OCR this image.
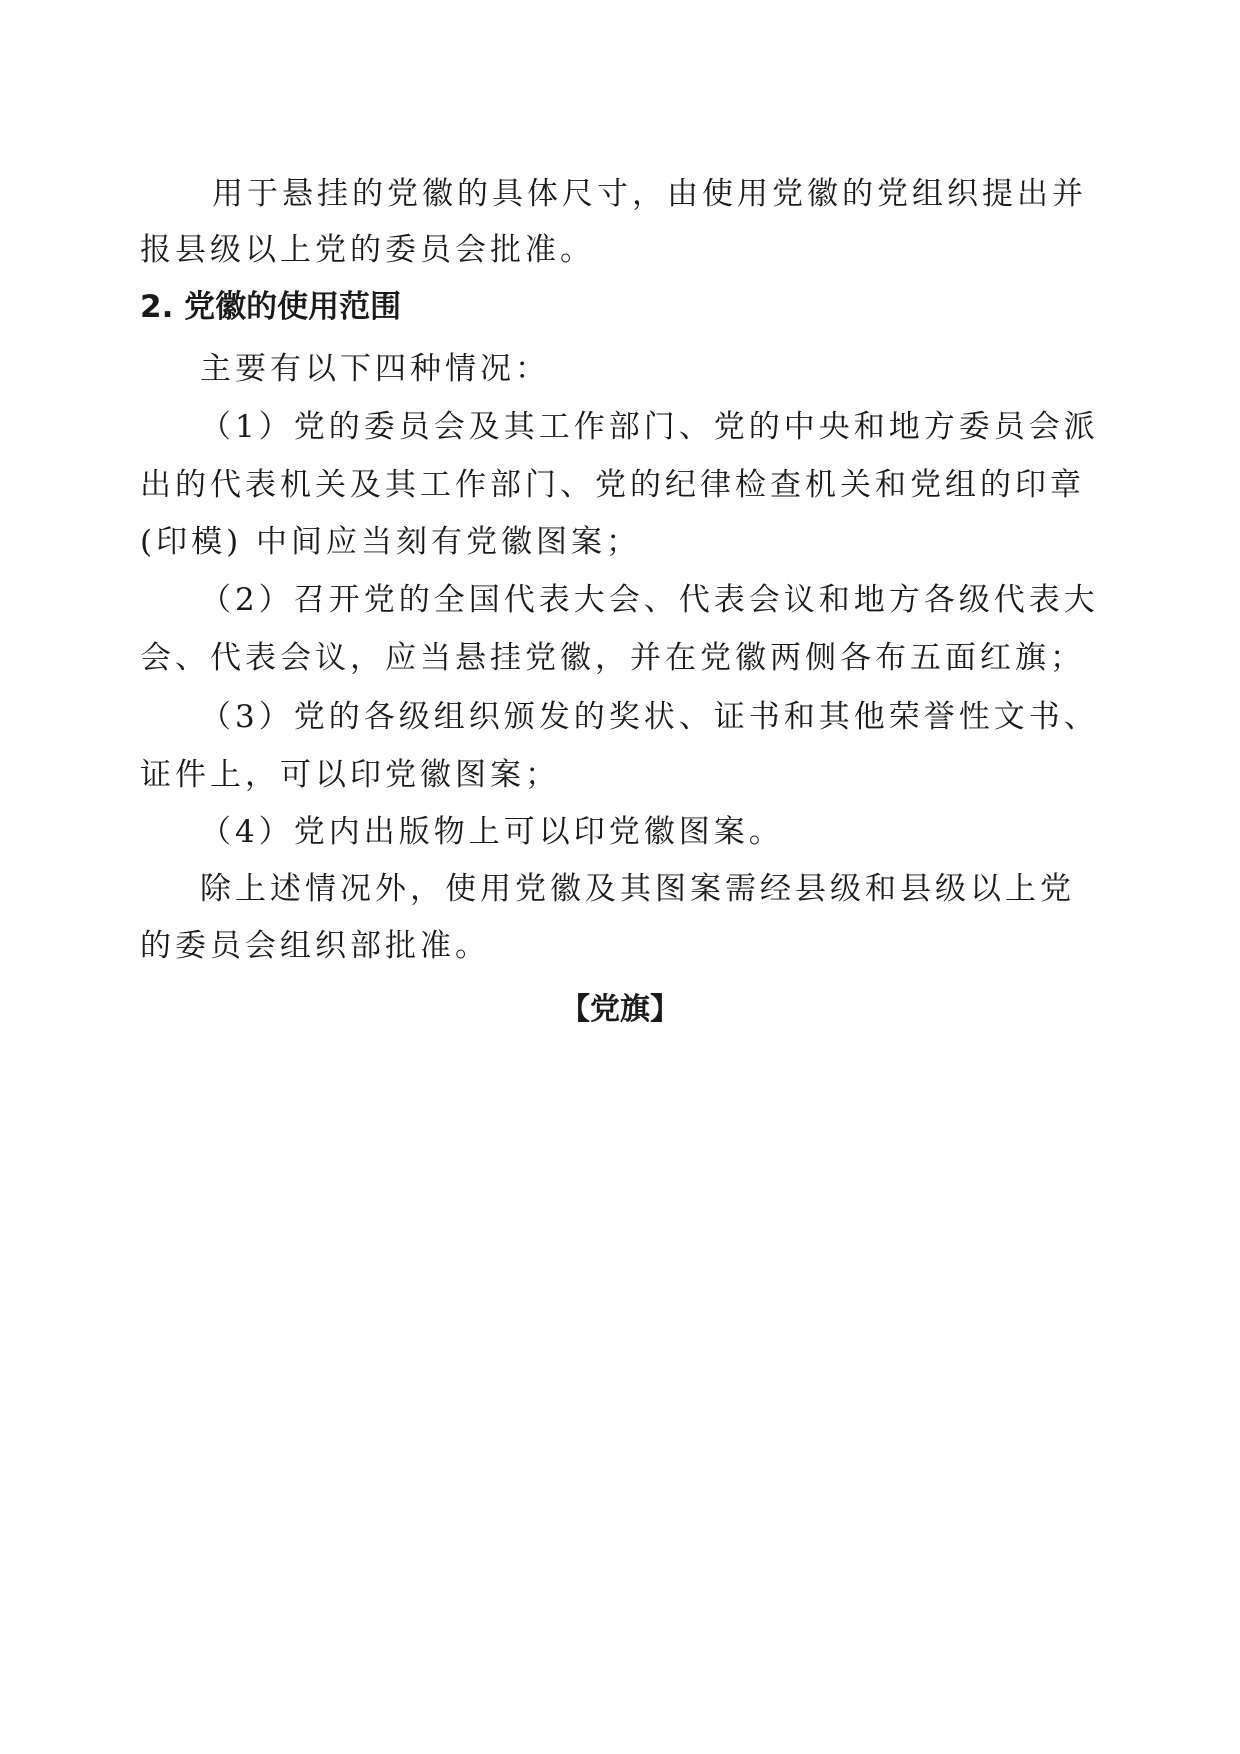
用于悬挂的党徽的具体尺寸，由使用党徽的党组织提出并

报县级以上党的委员会批准。

2. 党徽的使用范围

主要有以下四种情况：

（1）党的委员会及其工作部门、党的中央和地方委员会派

出的代表机关及其工作部门、党的纪律检查机关和党组的印章

(印模) 中间应当刻有党徽图案；

（2）召开党的全国代表大会、代表会议和地方各级代表大

会、代表会议，应当悬挂党徽，并在党徽两侧各布五面红旗；

（3）党的各级组织颁发的奖状、证书和其他荣誉性文书、

证件上，可以印党徽图案；

（4）党内出版物上可以印党徽图案。

除上述情况外，使用党徽及其图案需经县级和县级以上党

的委员会组织部批准。

【党旗】
